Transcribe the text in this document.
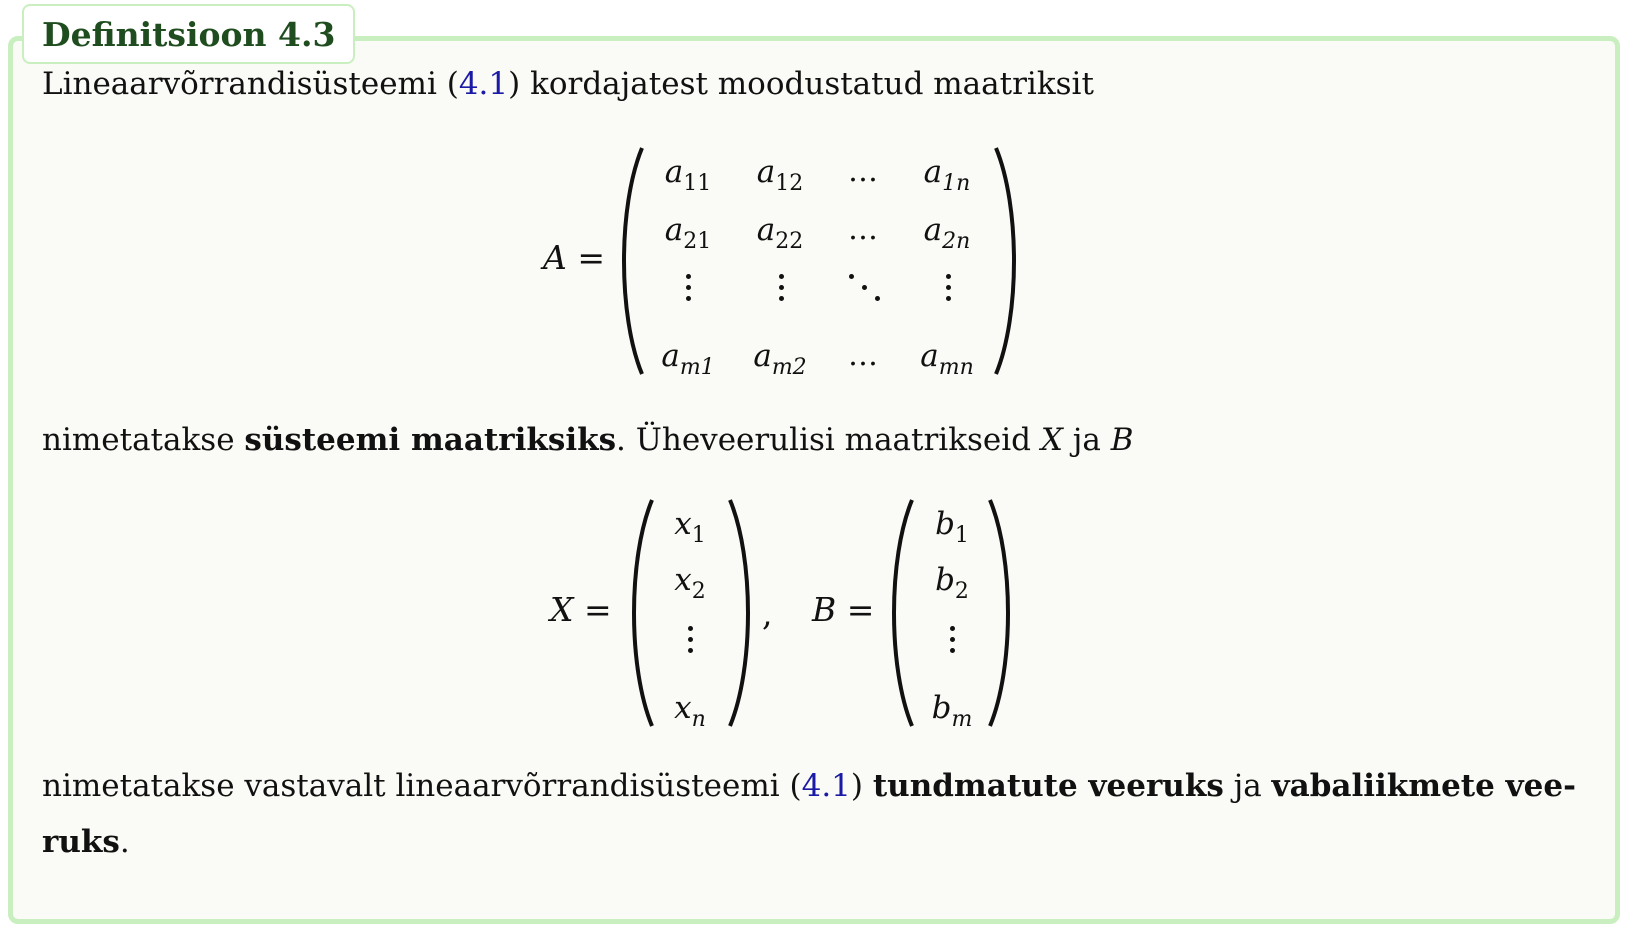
Definitsioon 4.3
Lineaarvõrrandisüsteemi (4.1) kordajatest moodustatud maatriksit
A =
$a_{11}$	$a_{12}$	…	$a_{1n}$
$a_{21}$	$a_{22}$	…	$a_{2n}$
$a_{m1}$	$a_{m2}$	…	$a_{mn}$
nimetatakse süsteemi maatriksiks. Üheveerulisi maatrikseid X ja B
X =
$x_1$
$x_2$
$x_n$
, B =
$b_1$
$b_2$
$b_m$
nimetatakse vastavalt lineaarvõrrandisüsteemi (4.1) tundmatute veeruks ja vabaliikmete vee-
ruks.
